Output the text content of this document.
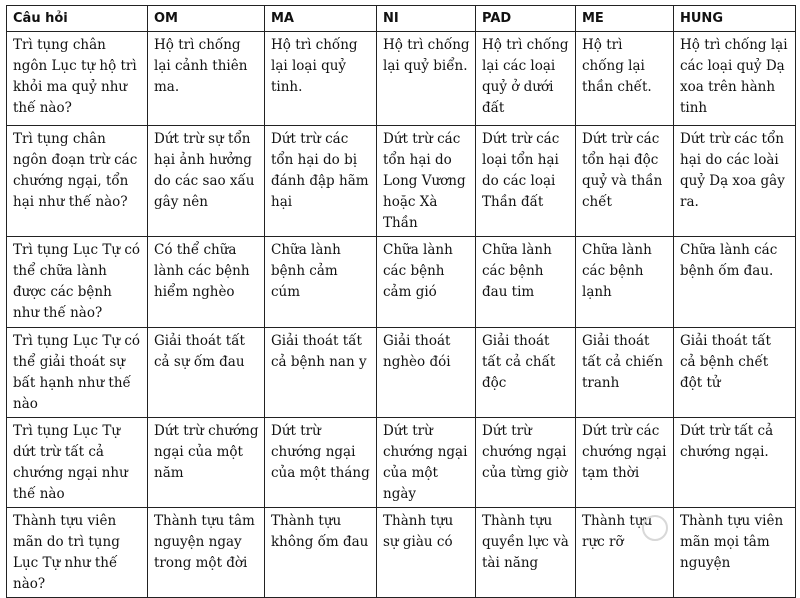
Câu hỏi	OM	MA	NI	PAD	ME	HUNG
Trì tụng chân ngôn Lục tự hộ trì khỏi ma quỷ như thế nào?	Hộ trì chống lại cảnh thiên ma.	Hộ trì chống lại loại quỷ tinh.	Hộ trì chống lại quỷ biển.	Hộ trì chống lại các loại quỷ ở dưới đất	Hộ trì chống lại thần chết.	Hộ trì chống lại các loại quỷ Dạ xoa trên hành tinh
Trì tụng chân ngôn đoạn trừ các chướng ngại, tổn hại như thế nào?	Dứt trừ sự tổn hại ảnh hưởng do các sao xấu gây nên	Dứt trừ các tổn hại do bị đánh đập hãm hại	Dứt trừ các tổn hại do Long Vương hoặc Xà Thần	Dứt trừ các loại tổn hại do các loại Thần đất	Dứt trừ các tổn hại độc quỷ và thần chết	Dứt trừ các tổn hại do các loài quỷ Dạ xoa gây ra.
Trì tụng Lục Tự có thể chữa lành được các bệnh như thế nào?	Có thể chữa lành các bệnh hiểm nghèo	Chữa lành bệnh cảm cúm	Chữa lành các bệnh cảm gió	Chữa lành các bệnh đau tim	Chữa lành các bệnh lạnh	Chữa lành các bệnh ốm đau.
Trì tụng Lục Tự có thể giải thoát sự bất hạnh như thế nào	Giải thoát tất cả sự ốm đau	Giải thoát tất cả bệnh nan y	Giải thoát nghèo đói	Giải thoát tất cả chất độc	Giải thoát tất cả chiến tranh	Giải thoát tất cả bệnh chết đột tử
Trì tụng Lục Tự dứt trừ tất cả chướng ngại như thế nào	Dứt trừ chướng ngại của một năm	Dứt trừ chướng ngại của một tháng	Dứt trừ chướng ngại của một ngày	Dứt trừ chướng ngại của từng giờ	Dứt trừ các chướng ngại tạm thời	Dứt trừ tất cả chướng ngại.
Thành tựu viên mãn do trì tụng Lục Tự như thế nào?	Thành tựu tâm nguyện ngay trong một đời	Thành tựu không ốm đau	Thành tựu sự giàu có	Thành tựu quyền lực và tài năng	Thành tựu rực rỡ	Thành tựu viên mãn mọi tâm nguyện
